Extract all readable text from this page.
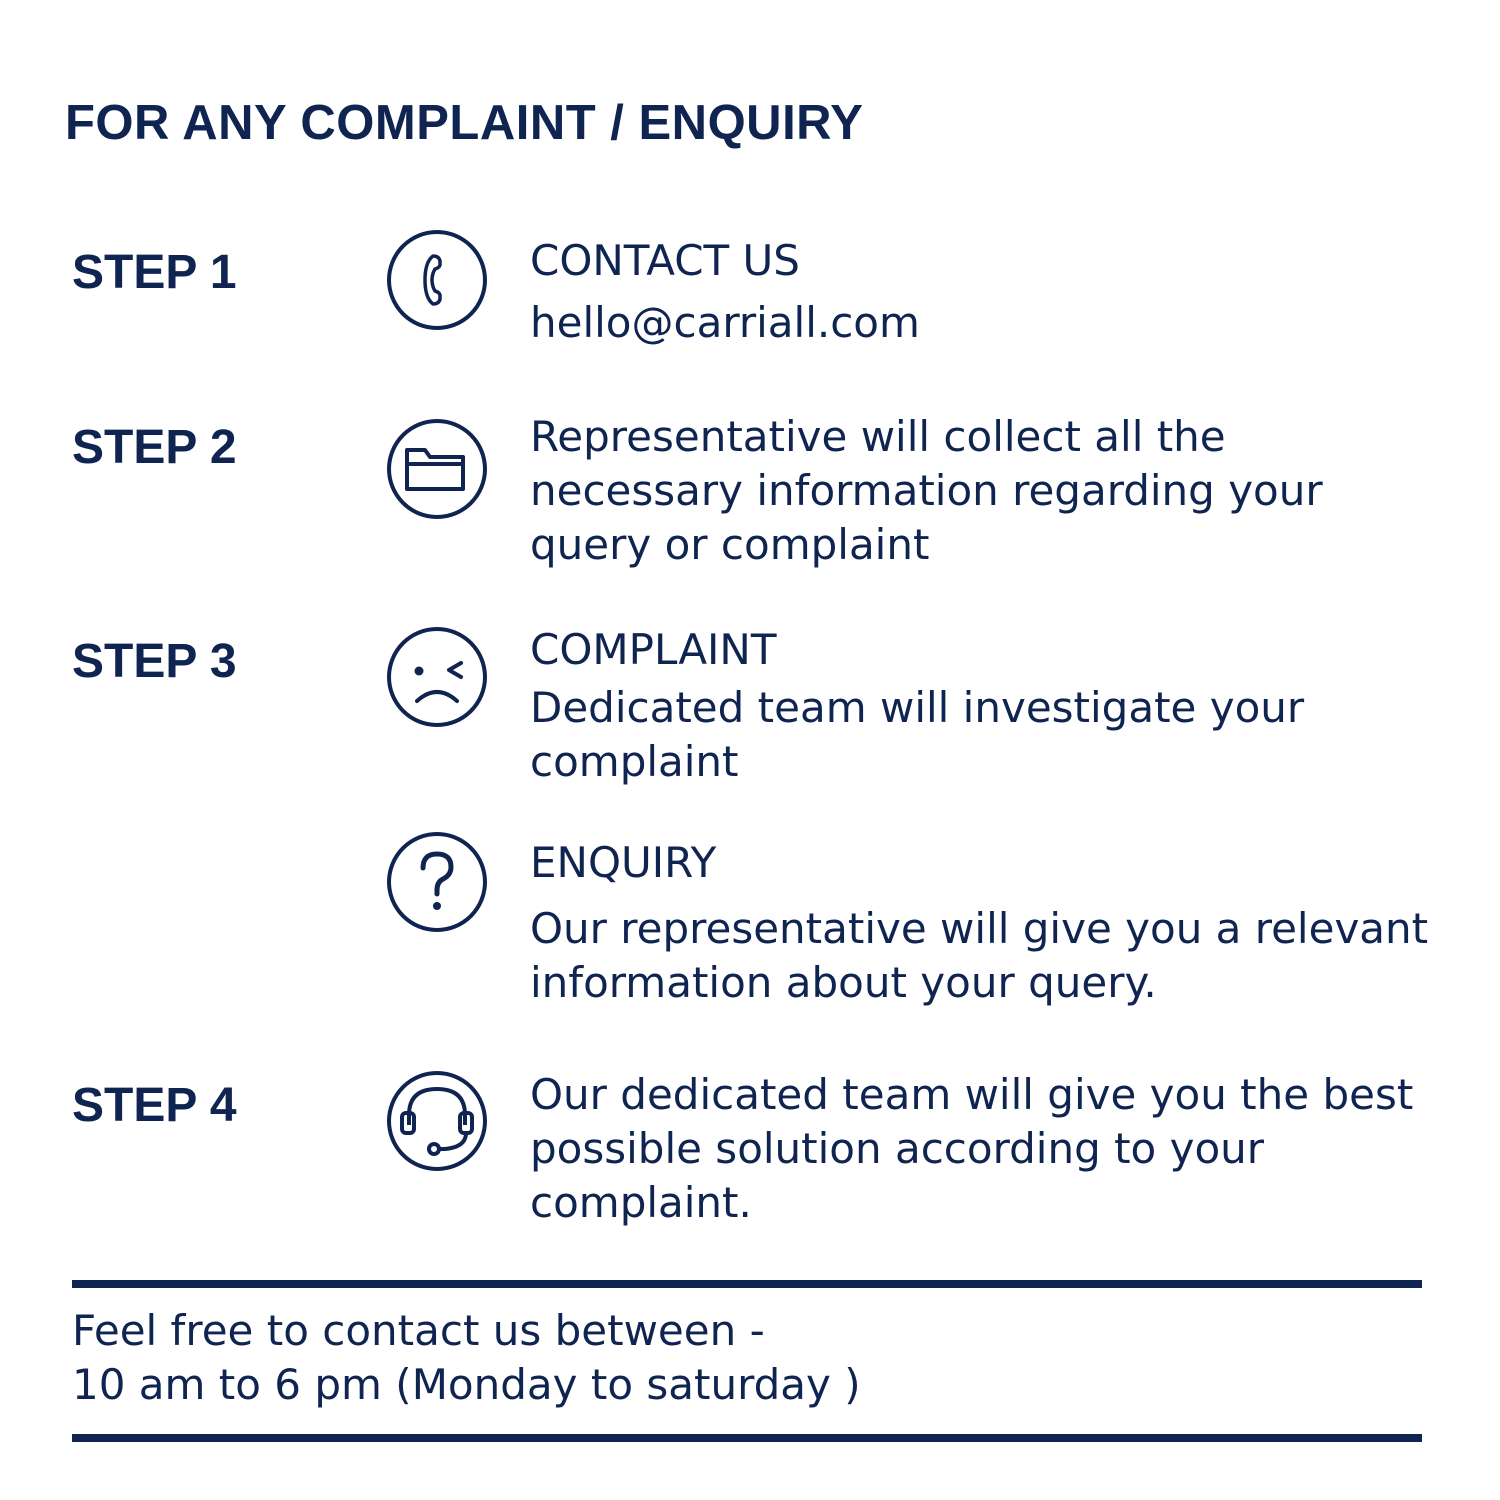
FOR ANY COMPLAINT / ENQUIRY
STEP 1	CONTACT US
hello@carriall.com
STEP 2	Representative will collect all the necessary information regarding your query or complaint
STEP 3	COMPLAINT
Dedicated team will investigate your complaint
ENQUIRY
Our representative will give you a relevant information about your query.
STEP 4	Our dedicated team will give you the best possible solution according to your complaint.
Feel free to contact us between -
10 am to 6 pm (Monday to saturday )
